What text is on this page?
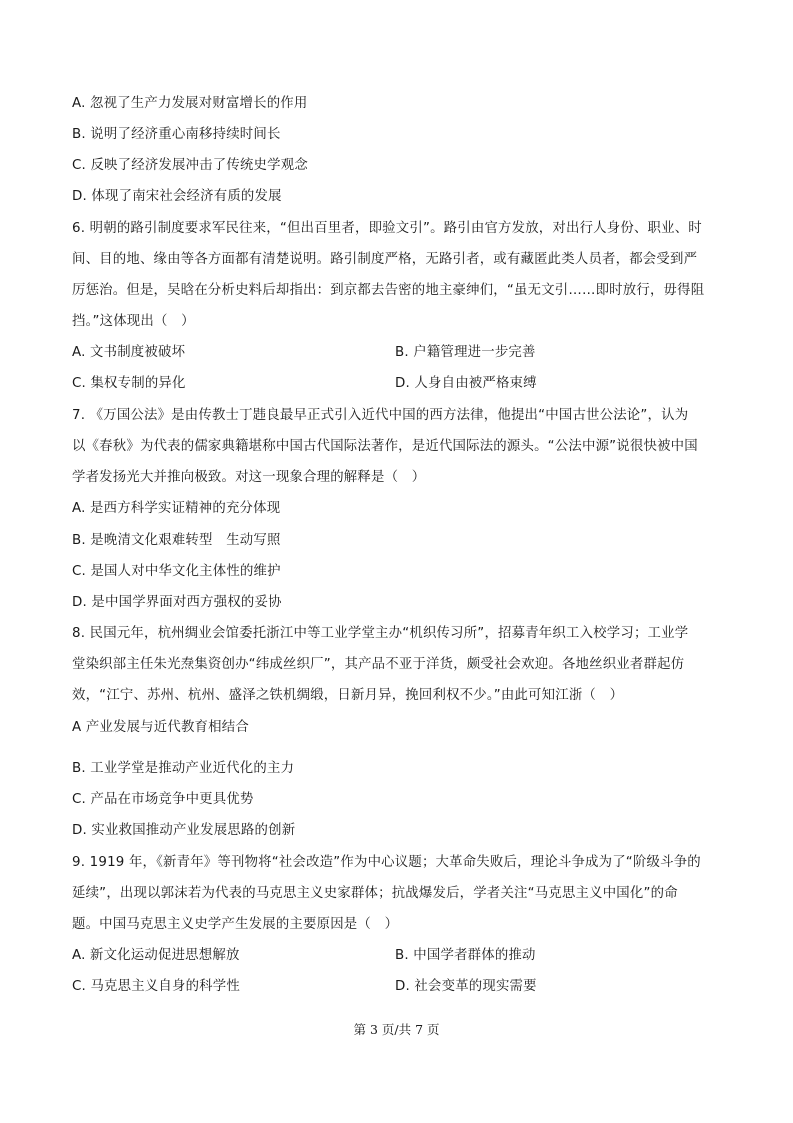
A. 忽视了生产力发展对财富增长的作用
B. 说明了经济重心南移持续时间长
C. 反映了经济发展冲击了传统史学观念
D. 体现了南宋社会经济有质的发展
6. 明朝的路引制度要求军民往来，“但出百里者，即验文引”。路引由官方发放，对出行人身份、职业、时
间、目的地、缘由等各方面都有清楚说明。路引制度严格，无路引者，或有藏匿此类人员者，都会受到严
厉惩治。但是，吴晗在分析史料后却指出：到京都去告密的地主豪绅们，“虽无文引……即时放行，毋得阻
挡。”这体现出（　）
A. 文书制度被破坏	B. 户籍管理进一步完善
C. 集权专制的异化	D. 人身自由被严格束缚
7. 《万国公法》是由传教士丁韪良最早正式引入近代中国的西方法律，他提出“中国古世公法论”，认为
以《春秋》为代表的儒家典籍堪称中国古代国际法著作，是近代国际法的源头。“公法中源”说很快被中国
学者发扬光大并推向极致。对这一现象合理的解释是（　）
A. 是西方科学实证精神的充分体现
B. 是晚清文化艰难转型　生动写照
C. 是国人对中华文化主体性的维护
D. 是中国学界面对西方强权的妥协
8. 民国元年，杭州绸业会馆委托浙江中等工业学堂主办“机织传习所”，招募青年织工入校学习；工业学
堂染织部主任朱光焘集资创办“纬成丝织厂”，其产品不亚于洋货，颇受社会欢迎。各地丝织业者群起仿
效，“江宁、苏州、杭州、盛泽之铁机绸缎，日新月异，挽回利权不少。”由此可知江浙（　）
A 产业发展与近代教育相结合
B. 工业学堂是推动产业近代化的主力
C. 产品在市场竞争中更具优势
D. 实业救国推动产业发展思路的创新
9. 1919 年，《新青年》等刊物将“社会改造”作为中心议题；大革命失败后，理论斗争成为了“阶级斗争的
延续”，出现以郭沫若为代表的马克思主义史家群体；抗战爆发后，学者关注“马克思主义中国化”的命
题。中国马克思主义史学产生发展的主要原因是（　）
A. 新文化运动促进思想解放	B. 中国学者群体的推动
C. 马克思主义自身的科学性	D. 社会变革的现实需要
第 3 页/共 7 页
